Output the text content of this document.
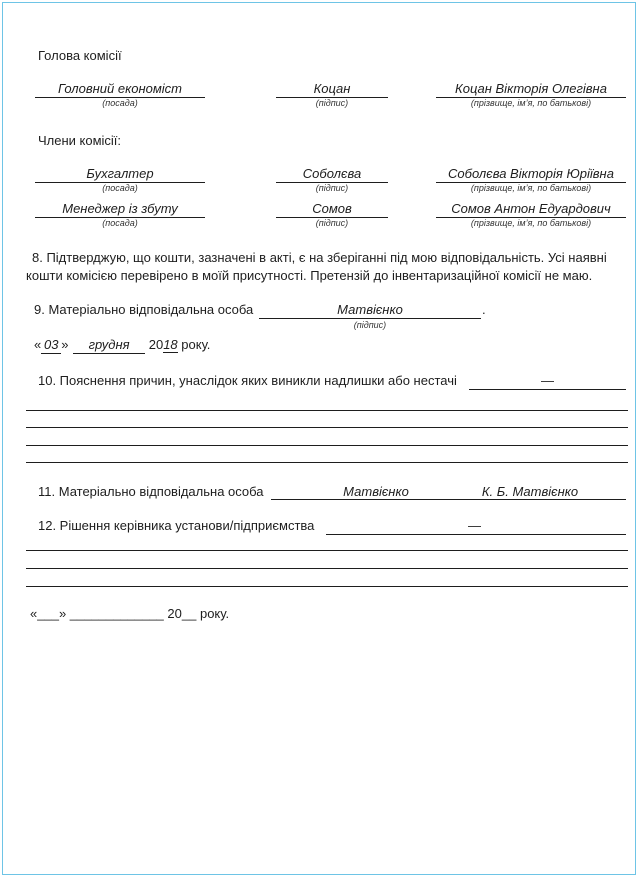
Голова комісії
Головний економіст
(посада)
Коцан
(підпис)
Коцан Вікторія Олегівна
(прізвище, ім’я, по батькові)
Члени комісії:
Бухгалтер
(посада)
Соболєва
(підпис)
Соболєва Вікторія Юріївна
(прізвище, ім’я, по батькові)
Менеджер із збуту
(посада)
Сомов
(підпис)
Сомов Антон Едуардович
(прізвище, ім’я, по батькові)
8. Підтверджую, що кошти, зазначені в акті, є на зберіганні під мою відповідальність. Усі наявні
кошти комісією перевірено в моїй присутності. Претензій до інвентаризаційної комісії не маю.
9. Матеріально відповідальна особа	Матвієнко	.
(підпис)
« 03 » грудня 2018 року.
10. Пояснення причин, унаслідок яких виникли надлишки або нестачі	—
11. Матеріально відповідальна особа	Матвієнко	К. Б. Матвієнко
12. Рішення керівника установи/підприємства	—
«___» _____________ 20__ року.
